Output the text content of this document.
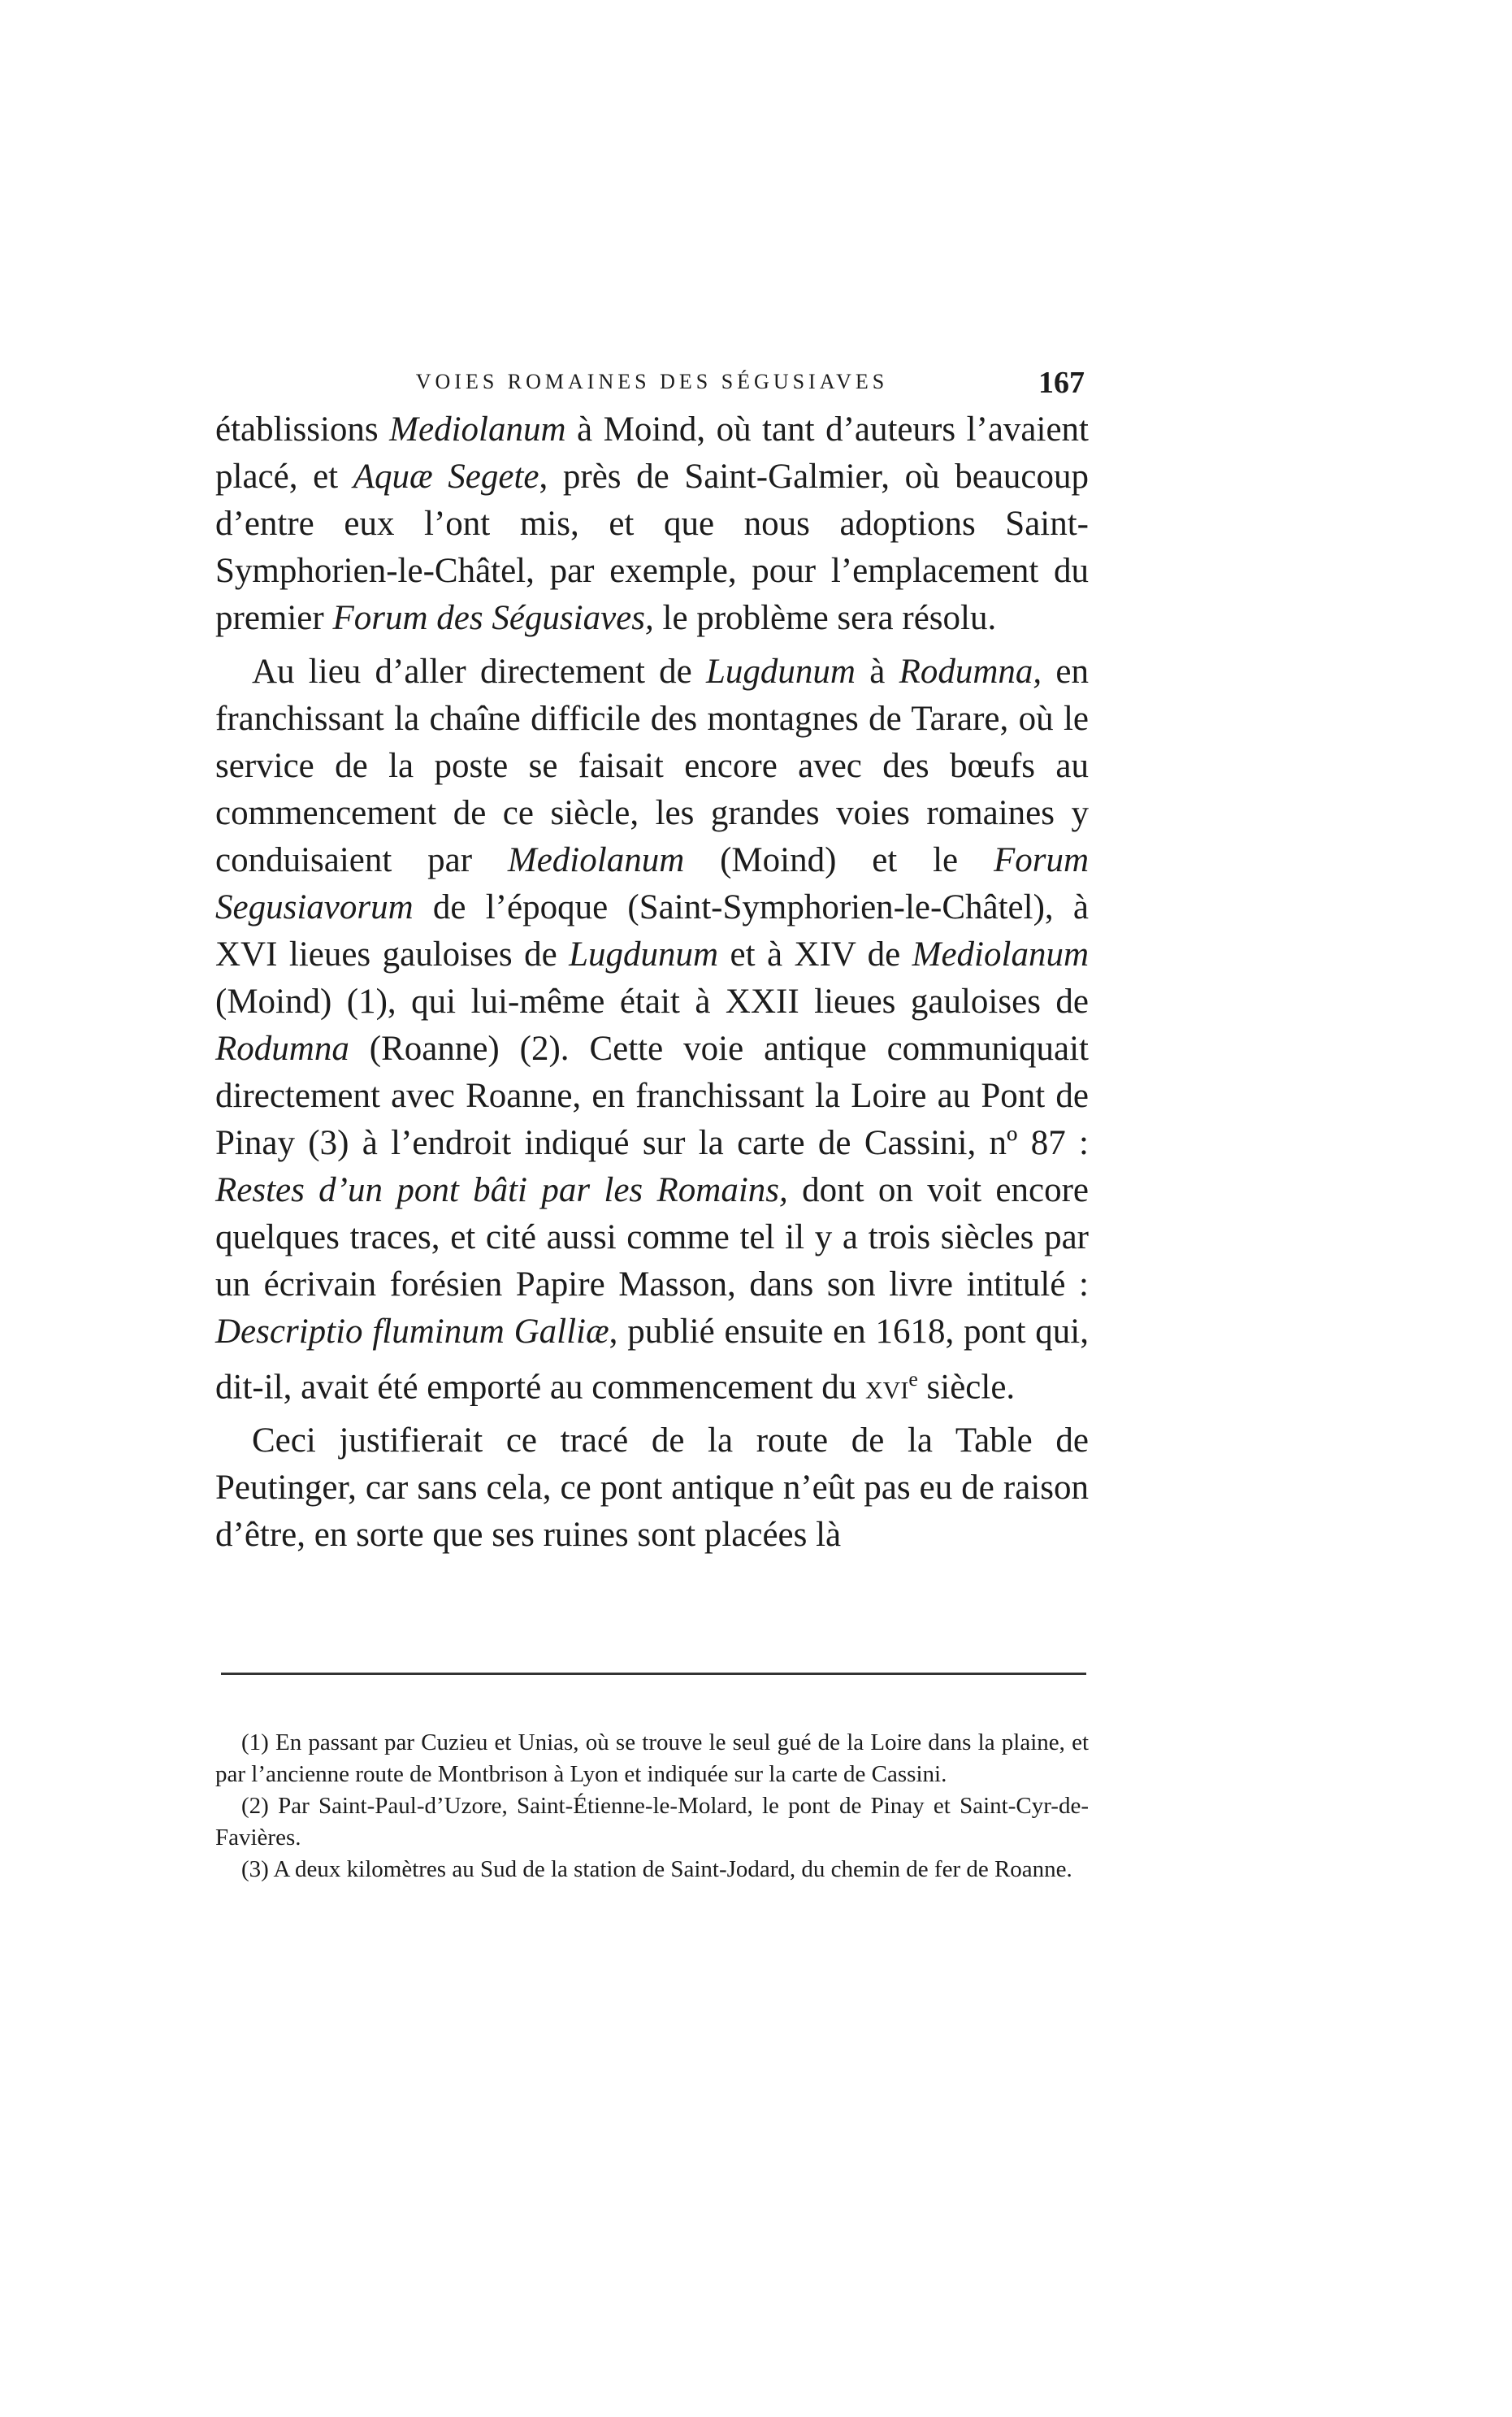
VOIES ROMAINES DES SÉGUSIAVES	167

établissions Mediolanum à Moind, où tant d’auteurs l’avaient placé, et Aquæ Segete, près de Saint-Galmier, où beaucoup d’entre eux l’ont mis, et que nous adoptions Saint-Symphorien-le-Châtel, par exemple, pour l’emplacement du premier Forum des Ségusiaves, le problème sera résolu.

Au lieu d’aller directement de Lugdunum à Rodumna, en franchissant la chaîne difficile des montagnes de Tarare, où le service de la poste se faisait encore avec des bœufs au commencement de ce siècle, les grandes voies romaines y conduisaient par Mediolanum (Moind) et le Forum Segusiavorum de l’époque (Saint-Symphorien-le-Châtel), à XVI lieues gauloises de Lugdunum et à XIV de Mediolanum (Moind) (1), qui lui-même était à XXII lieues gauloises de Rodumna (Roanne) (2). Cette voie antique communiquait directement avec Roanne, en franchissant la Loire au Pont de Pinay (3) à l’endroit indiqué sur la carte de Cassini, nº 87 : Restes d’un pont bâti par les Romains, dont on voit encore quelques traces, et cité aussi comme tel il y a trois siècles par un écrivain forésien Papire Masson, dans son livre intitulé : Descriptio fluminum Galliæ, publié ensuite en 1618, pont qui, dit-il, avait été emporté au commencement du xvi$^e$ siècle.

Ceci justifierait ce tracé de la route de la Table de Peutinger, car sans cela, ce pont antique n’eût pas eu de raison d’être, en sorte que ses ruines sont placées là

(1) En passant par Cuzieu et Unias, où se trouve le seul gué de la Loire dans la plaine, et par l’ancienne route de Montbrison à Lyon et indiquée sur la carte de Cassini.

(2) Par Saint-Paul-d’Uzore, Saint-Étienne-le-Molard, le pont de Pinay et Saint-Cyr-de-Favières.

(3) A deux kilomètres au Sud de la station de Saint-Jodard, du chemin de fer de Roanne.
